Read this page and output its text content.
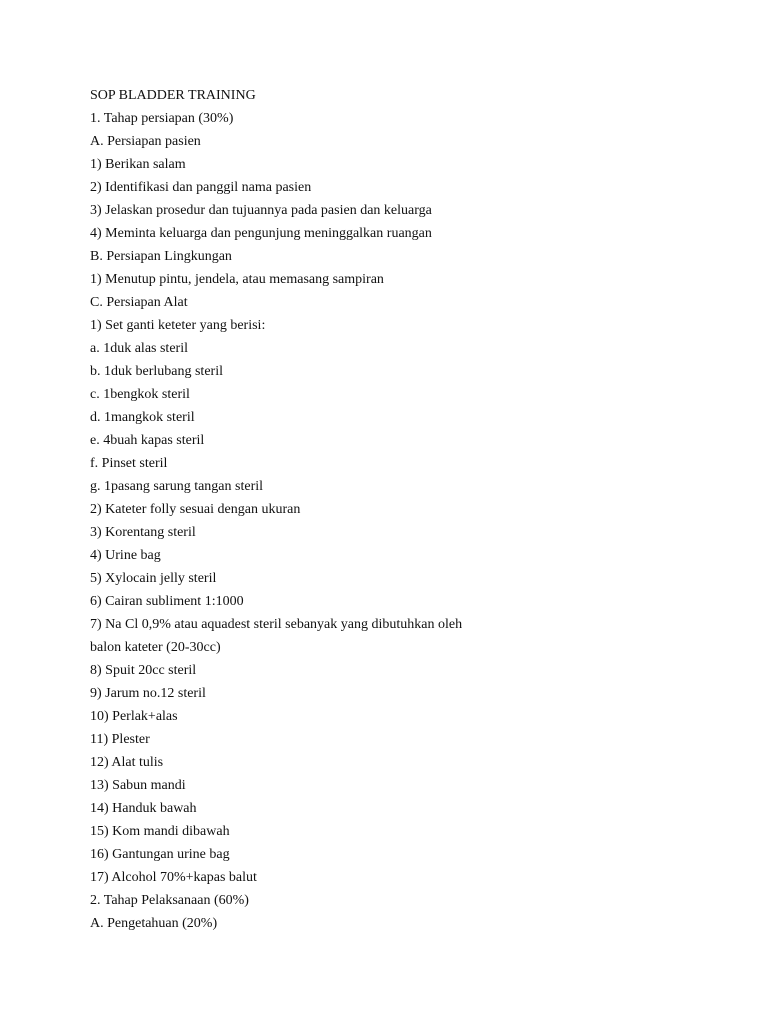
SOP BLADDER TRAINING
1. Tahap persiapan (30%)
A. Persiapan pasien
1) Berikan salam
2) Identifikasi dan panggil nama pasien
3) Jelaskan prosedur dan tujuannya pada pasien dan keluarga
4) Meminta keluarga dan pengunjung meninggalkan ruangan
B. Persiapan Lingkungan
1) Menutup pintu, jendela, atau memasang sampiran
C. Persiapan Alat
1) Set ganti keteter yang berisi:
a. 1duk alas steril
b. 1duk berlubang steril
c. 1bengkok steril
d. 1mangkok steril
e. 4buah kapas steril
f. Pinset steril
g. 1pasang sarung tangan steril
2) Kateter folly sesuai dengan ukuran
3) Korentang steril
4) Urine bag
5) Xylocain jelly steril
6) Cairan subliment 1:1000
7) Na Cl 0,9% atau aquadest steril sebanyak yang dibutuhkan oleh
balon kateter (20-30cc)
8) Spuit 20cc steril
9) Jarum no.12 steril
10) Perlak+alas
11) Plester
12) Alat tulis
13) Sabun mandi
14) Handuk bawah
15) Kom mandi dibawah
16) Gantungan urine bag
17) Alcohol 70%+kapas balut
2. Tahap Pelaksanaan (60%)
A. Pengetahuan (20%)
